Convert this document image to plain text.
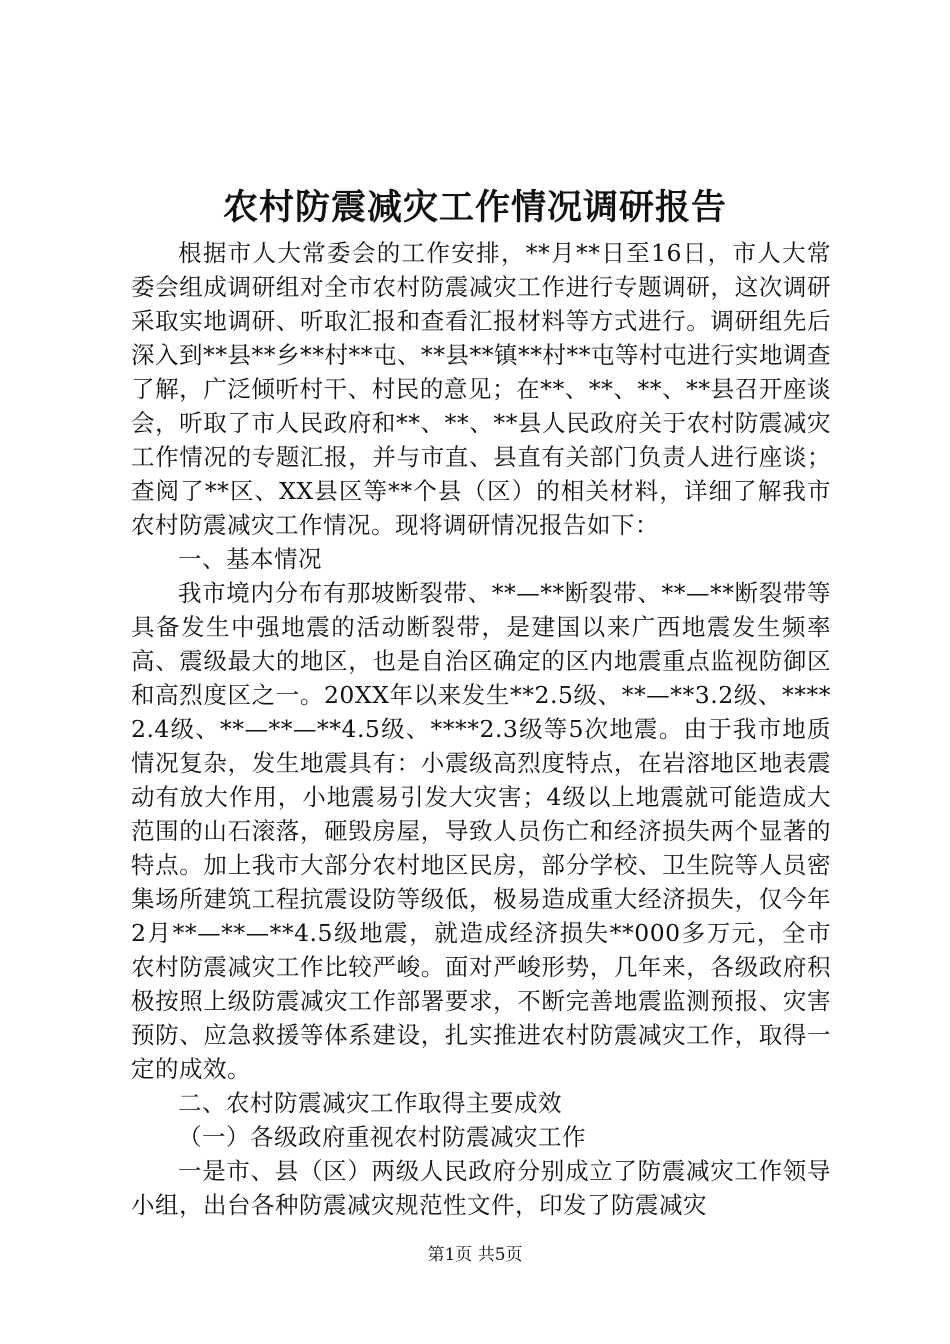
农村防震减灾工作情况调研报告

根据市人大常委会的工作安排，**月**日至16日，市人大常委会组成调研组对全市农村防震减灾工作进行专题调研，这次调研采取实地调研、听取汇报和查看汇报材料等方式进行。调研组先后深入到**县**乡**村**屯、**县**镇**村**屯等村屯进行实地调查了解，广泛倾听村干、村民的意见；在**、**、**、**县召开座谈会，听取了市人民政府和**、**、**县人民政府关于农村防震减灾工作情况的专题汇报，并与市直、县直有关部门负责人进行座谈；查阅了**区、XX县区等**个县（区）的相关材料，详细了解我市农村防震减灾工作情况。现将调研情况报告如下：

一、基本情况

我市境内分布有那坡断裂带、**—**断裂带、**—**断裂带等具备发生中强地震的活动断裂带，是建国以来广西地震发生频率高、震级最大的地区，也是自治区确定的区内地震重点监视防御区和高烈度区之一。20XX年以来发生**2.5级、**—**3.2级、****2.4级、**—**—**4.5级、****2.3级等5次地震。由于我市地质情况复杂，发生地震具有：小震级高烈度特点，在岩溶地区地表震动有放大作用，小地震易引发大灾害；4级以上地震就可能造成大范围的山石滚落，砸毁房屋，导致人员伤亡和经济损失两个显著的特点。加上我市大部分农村地区民房，部分学校、卫生院等人员密集场所建筑工程抗震设防等级低，极易造成重大经济损失，仅今年2月**—**—**4.5级地震，就造成经济损失**000多万元，全市农村防震减灾工作比较严峻。面对严峻形势，几年来，各级政府积极按照上级防震减灾工作部署要求，不断完善地震监测预报、灾害预防、应急救援等体系建设，扎实推进农村防震减灾工作，取得一定的成效。

二、农村防震减灾工作取得主要成效

（一）各级政府重视农村防震减灾工作

一是市、县（区）两级人民政府分别成立了防震减灾工作领导小组，出台各种防震减灾规范性文件，印发了防震减灾

第1页 共5页
